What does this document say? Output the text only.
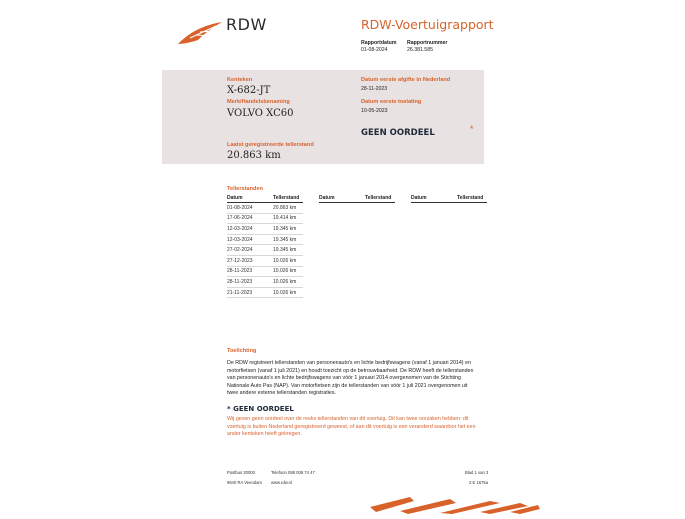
RDW	RDW-Voertuigrapport
Rapportdatum
01-08-2024
Rapportnummer
26.381.585
Kenteken
X-682-JT
Merk/Handelsbenaming
VOLVO XC60
Datum eerste afgifte in Nederland
28-11-2023
Datum eerste toelating
10-05-2023
GEEN OORDEEL	*
Laatst geregistreerde tellerstand
20.863 km
Tellerstanden
Datum	Tellerstand
01-08-2024	20.863 km
17-06-2024	19.414 km
12-03-2024	19.345 km
12-03-2024	19.345 km
27-02-2024	19.345 km
27-12-2023	10.026 km
28-11-2023	10.026 km
28-11-2023	10.026 km
21-11-2023	10.026 km
Datum	Tellerstand	Datum	Tellerstand
Toelichting
De RDW registreert tellerstanden van personenauto's en lichte bedrijfswagens (vanaf 1 januari 2014) en
motorfietsen (vanaf 1 juli 2021) en houdt toezicht op de betrouwbaarheid. De RDW heeft de tellerstanden
van personenauto's en lichte bedrijfswagens van vóór 1 januari 2014 overgenomen van de Stichting
Nationale Auto Pas (NAP). Van motorfietsen zijn de tellerstanden van vóór 1 juli 2021 overgenomen uit
twee andere externe tellerstanden registraties.
* GEEN OORDEEL
Wij geven geen oordeel over de reeks tellerstanden van dit voertuig. Dit kan twee oorzaken hebben: dit
voertuig is buiten Nederland geregistreerd geweest, of aan dit voertuig is een veranderd waardoor het een
ander kenteken heeft gekregen.
Postbus 30000
9640 RA Veendam
Telefoon 088 008 74 47
www.rdw.nl
Blad 1 van 3
2 E 1675a
